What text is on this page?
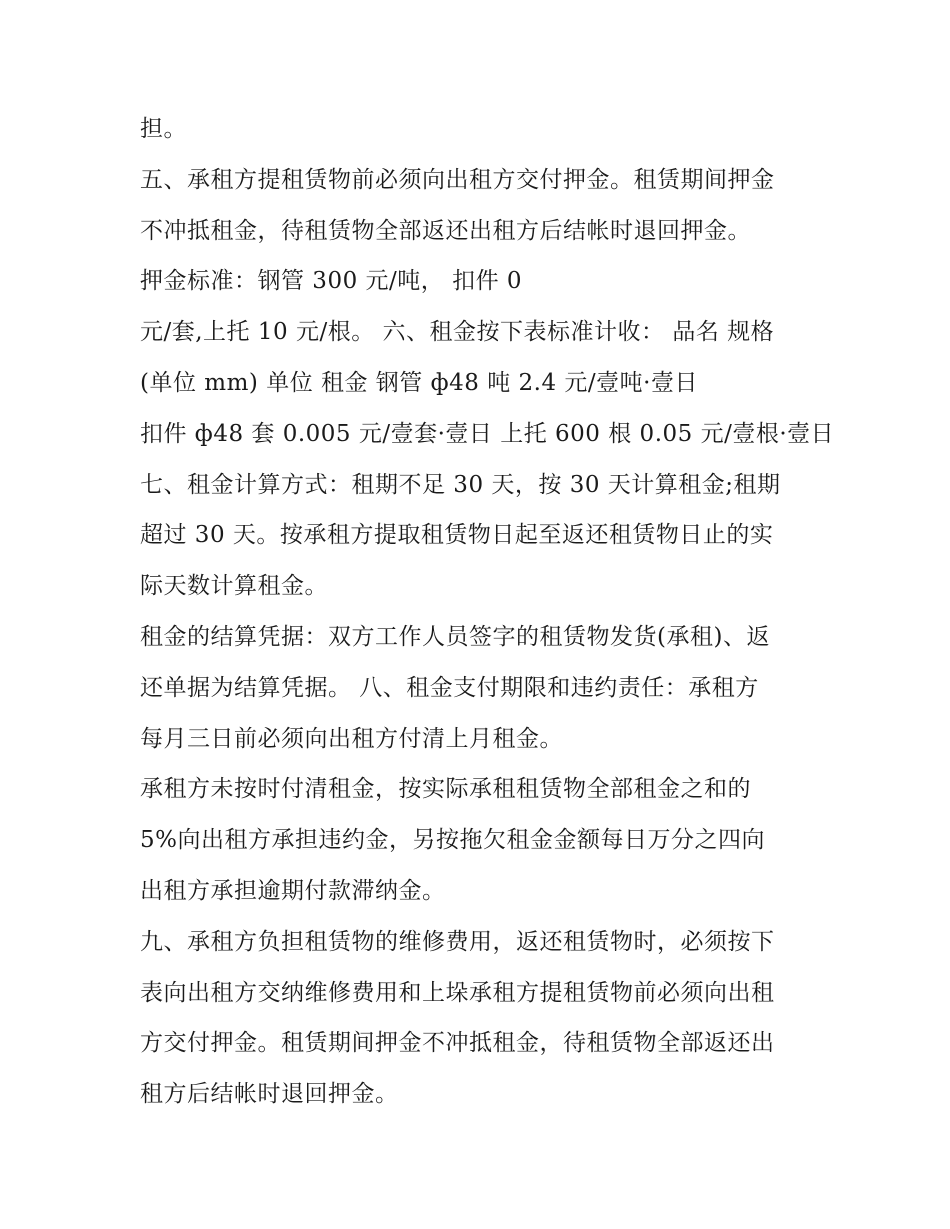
担。
五、承租方提租赁物前必须向出租方交付押金。租赁期间押金
不冲抵租金，待租赁物全部返还出租方后结帐时退回押金。
押金标准：钢管 300 元/吨， 扣件 0
元/套,上托 10 元/根。 六、租金按下表标准计收： 品名 规格
(单位 mm) 单位 租金 钢管 ф48 吨 2.4 元/壹吨·壹日
扣件 ф48 套 0.005 元/壹套·壹日 上托 600 根 0.05 元/壹根·壹日
七、租金计算方式：租期不足 30 天，按 30 天计算租金;租期
超过 30 天。按承租方提取租赁物日起至返还租赁物日止的实
际天数计算租金。
租金的结算凭据：双方工作人员签字的租赁物发货(承租)、返
还单据为结算凭据。 八、租金支付期限和违约责任：承租方
每月三日前必须向出租方付清上月租金。
承租方未按时付清租金，按实际承租租赁物全部租金之和的
5%向出租方承担违约金，另按拖欠租金金额每日万分之四向
出租方承担逾期付款滞纳金。
九、承租方负担租赁物的维修费用，返还租赁物时，必须按下
表向出租方交纳维修费用和上垛承租方提租赁物前必须向出租
方交付押金。租赁期间押金不冲抵租金，待租赁物全部返还出
租方后结帐时退回押金。
